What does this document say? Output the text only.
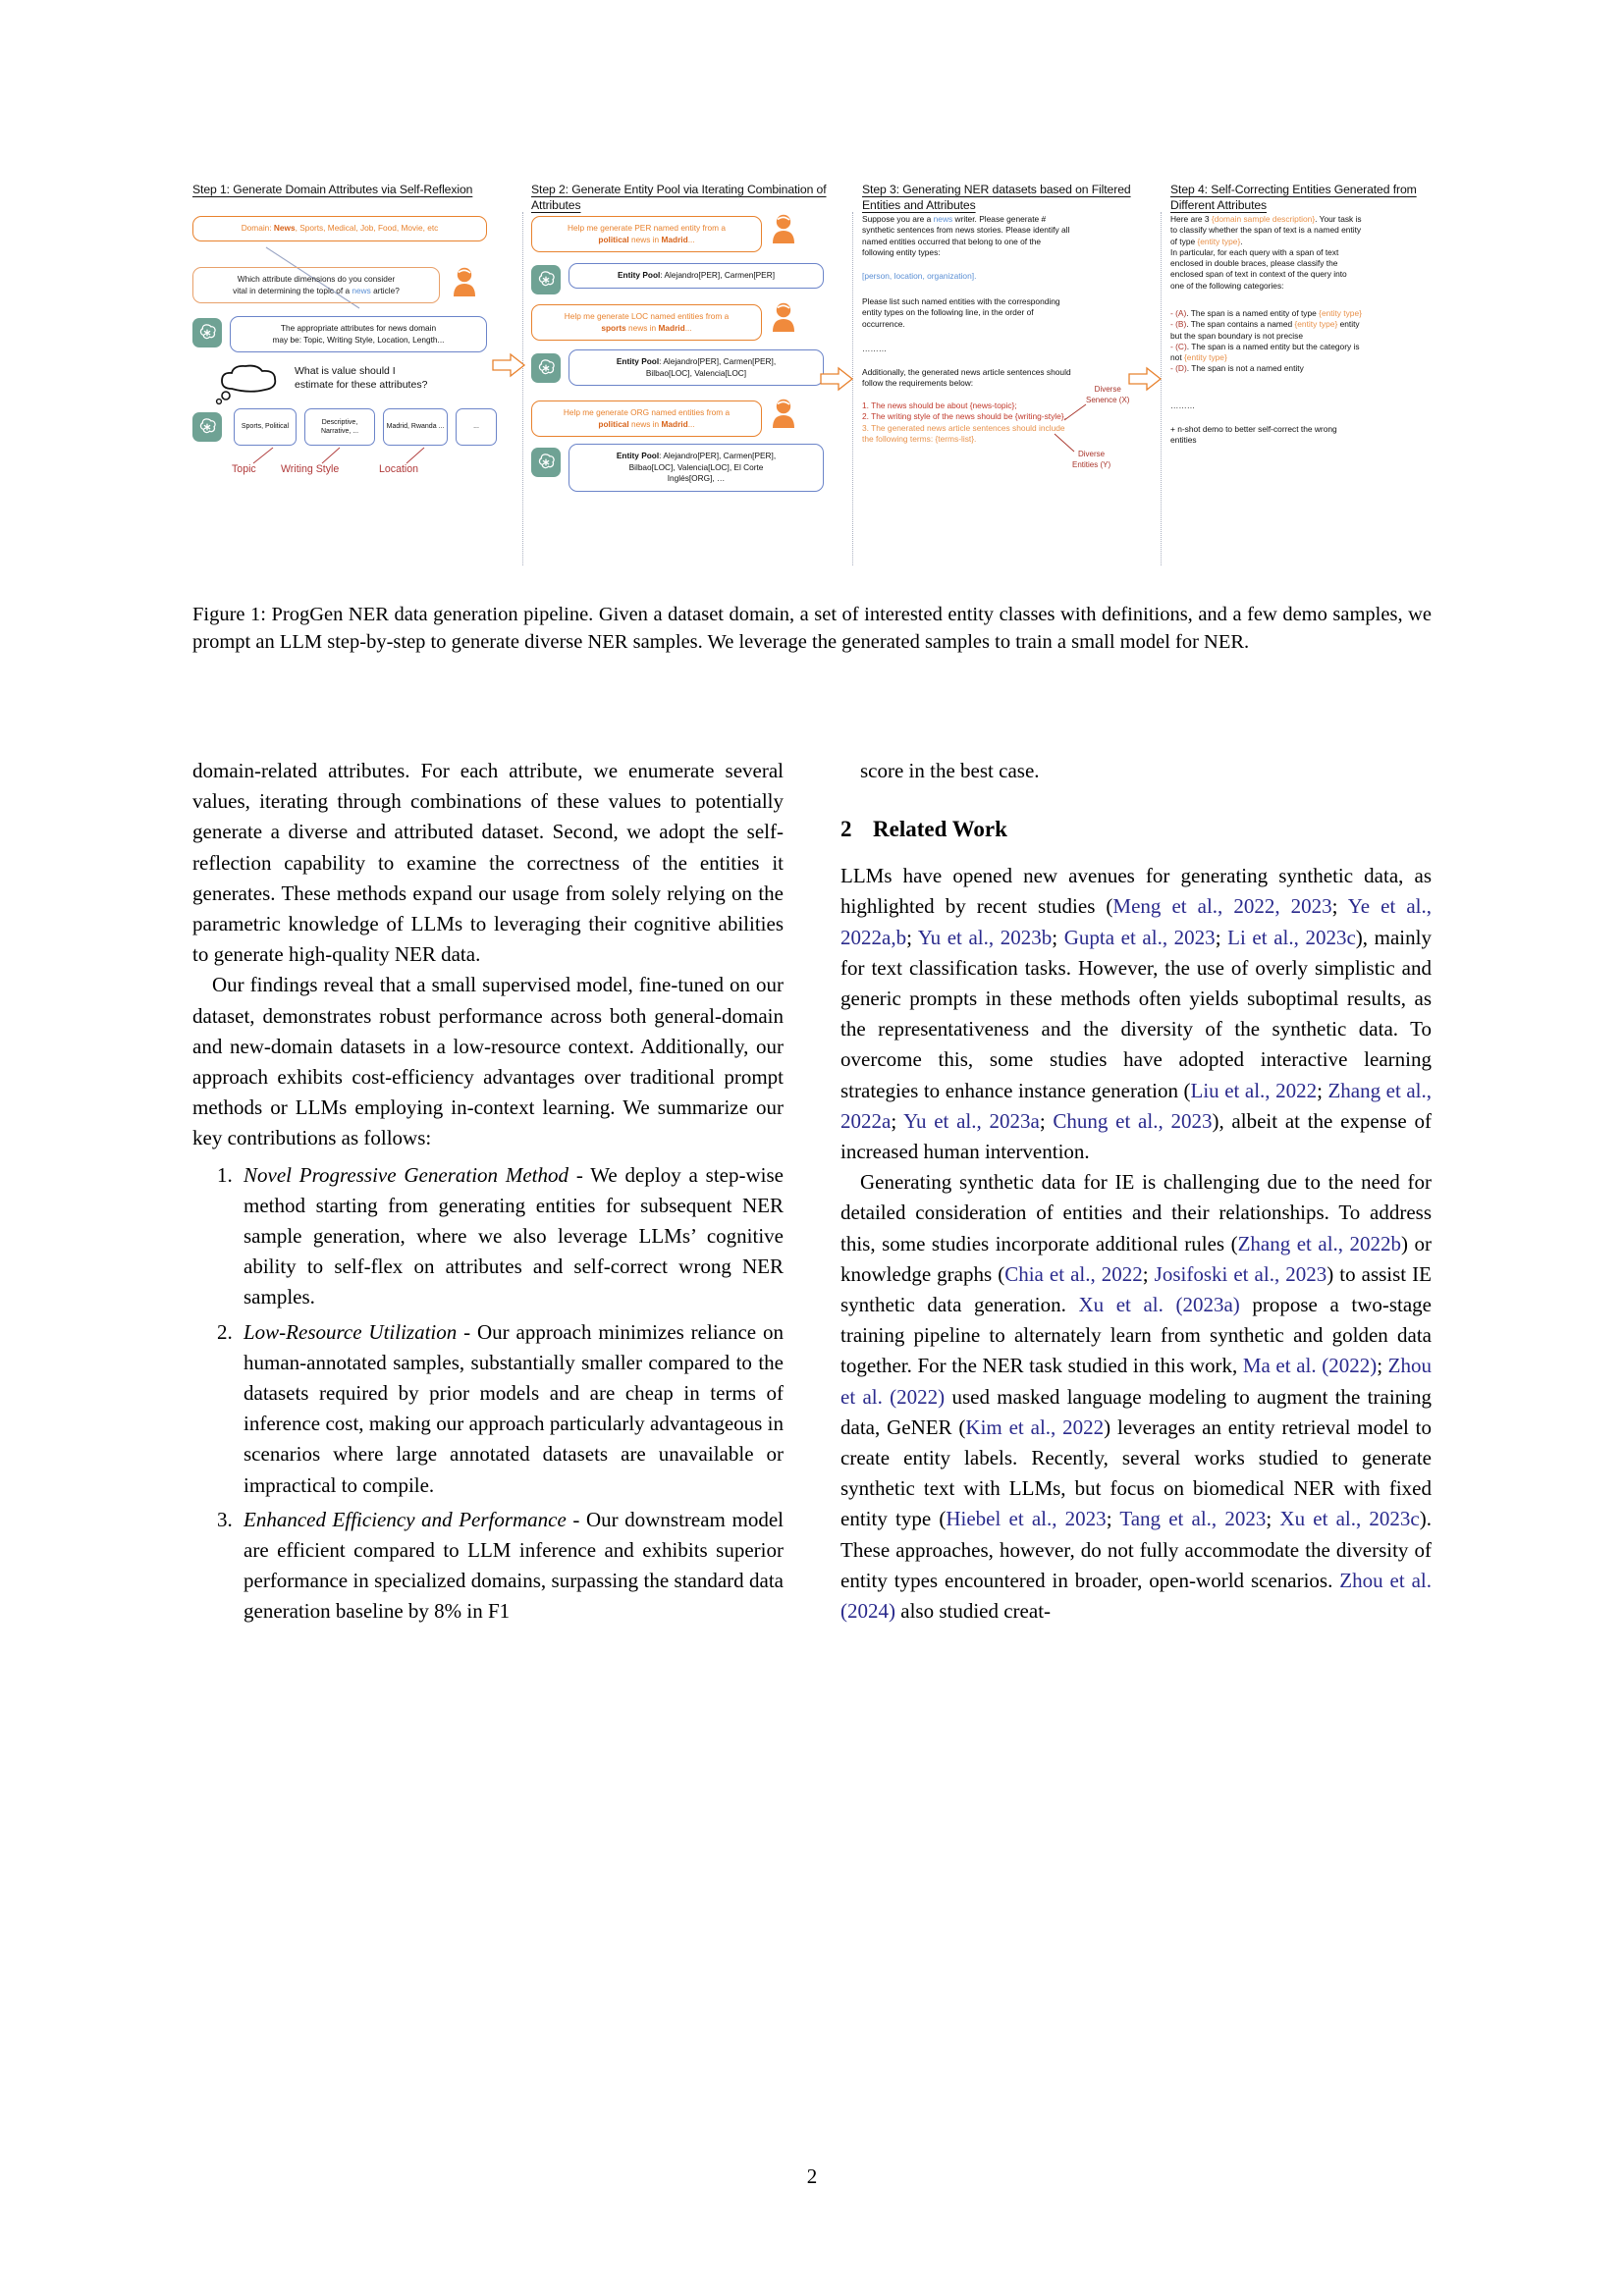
Step 1: Generate Domain Attributes via Self-Reflexion
Domain: News, Sports, Medical, Job, Food, Movie, etc
Which attribute dimensions do you consider
vital in determining the topic of a news article?
The appropriate attributes for news domain
may be: Topic, Writing Style, Location, Length...
What is value should I
estimate for these attributes?
Sports, Political
Descriptive, Narrative, ...
Madrid, Rwanda ...	...
Topic Writing Style	Location
Step 2: Generate Entity Pool via Iterating Combination of Attributes
Help me generate PER named entity from a
political news in Madrid...
Entity Pool: Alejandro[PER], Carmen[PER]
Help me generate LOC named entities from a
sports news in Madrid...
Entity Pool: Alejandro[PER], Carmen[PER],
Bilbao[LOC], Valencia[LOC]
Help me generate ORG named entities from a
political news in Madrid...
Entity Pool: Alejandro[PER], Carmen[PER],
Bilbao[LOC], Valencia[LOC], El Corte
Inglés[ORG], …
Step 3: Generating NER datasets based on Filtered Entities and Attributes
Suppose you are a news writer. Please generate #
synthetic sentences from news stories. Please identify all
named entities occurred that belong to one of the
following entity types:
[person, location, organization].
Please list such named entities with the corresponding
entity types on the following line, in the order of
occurrence.
………
Additionally, the generated news article sentences should
follow the requirements below:
1. The news should be about {news-topic};
2. The writing style of the news should be {writing-style}.
3. The generated news article sentences should include
the following terms: {terms-list}.
Diverse
Senence (X)
Diverse
Entities (Y)
Step 4: Self-Correcting Entities Generated from Different Attributes
Here are 3 {domain sample description}. Your task is
to classify whether the span of text is a named entity
of type {entity type}.
In particular, for each query with a span of text
enclosed in double braces, please classify the
enclosed span of text in context of the query into
one of the following categories:
- (A). The span is a named entity of type {entity type}
- (B). The span contains a named {entity type} entity
but the span boundary is not precise
- (C). The span is a named entity but the category is
not {entity type}
- (D). The span is not a named entity
………
+ n-shot demo to better self-correct the wrong
entities
Figure 1: ProgGen NER data generation pipeline. Given a dataset domain, a set of interested entity classes with definitions, and a few demo samples, we prompt an LLM step-by-step to generate diverse NER samples. We leverage the generated samples to train a small model for NER.

domain-related attributes. For each attribute, we enumerate several values, iterating through combinations of these values to potentially generate a diverse and attributed dataset. Second, we adopt the self-reflection capability to examine the correctness of the entities it generates. These methods expand our usage from solely relying on the parametric knowledge of LLMs to leveraging their cognitive abilities to generate high-quality NER data.

Our findings reveal that a small supervised model, fine-tuned on our dataset, demonstrates robust performance across both general-domain and new-domain datasets in a low-resource context. Additionally, our approach exhibits cost-efficiency advantages over traditional prompt methods or LLMs employing in-context learning. We summarize our key contributions as follows:

1. Novel Progressive Generation Method - We deploy a step-wise method starting from generating entities for subsequent NER sample generation, where we also leverage LLMs’ cognitive ability to self-flex on attributes and self-correct wrong NER samples.
2. Low-Resource Utilization - Our approach minimizes reliance on human-annotated samples, substantially smaller compared to the datasets required by prior models and are cheap in terms of inference cost, making our approach particularly advantageous in scenarios where large annotated datasets are unavailable or impractical to compile.
3. Enhanced Efficiency and Performance - Our downstream model are efficient compared to LLM inference and exhibits superior performance in specialized domains, surpassing the standard data generation baseline by 8% in F1

score in the best case.

2 Related Work

LLMs have opened new avenues for generating synthetic data, as highlighted by recent studies (Meng et al., 2022, 2023; Ye et al., 2022a,b; Yu et al., 2023b; Gupta et al., 2023; Li et al., 2023c), mainly for text classification tasks. However, the use of overly simplistic and generic prompts in these methods often yields suboptimal results, as the representativeness and the diversity of the synthetic data. To overcome this, some studies have adopted interactive learning strategies to enhance instance generation (Liu et al., 2022; Zhang et al., 2022a; Yu et al., 2023a; Chung et al., 2023), albeit at the expense of increased human intervention.

Generating synthetic data for IE is challenging due to the need for detailed consideration of entities and their relationships. To address this, some studies incorporate additional rules (Zhang et al., 2022b) or knowledge graphs (Chia et al., 2022; Josifoski et al., 2023) to assist IE synthetic data generation. Xu et al. (2023a) propose a two-stage training pipeline to alternately learn from synthetic and golden data together. For the NER task studied in this work, Ma et al. (2022); Zhou et al. (2022) used masked language modeling to augment the training data, GeNER (Kim et al., 2022) leverages an entity retrieval model to create entity labels. Recently, several works studied to generate synthetic text with LLMs, but focus on biomedical NER with fixed entity type (Hiebel et al., 2023; Tang et al., 2023; Xu et al., 2023c). These approaches, however, do not fully accommodate the diversity of entity types encountered in broader, open-world scenarios. Zhou et al. (2024) also studied creat-

2
